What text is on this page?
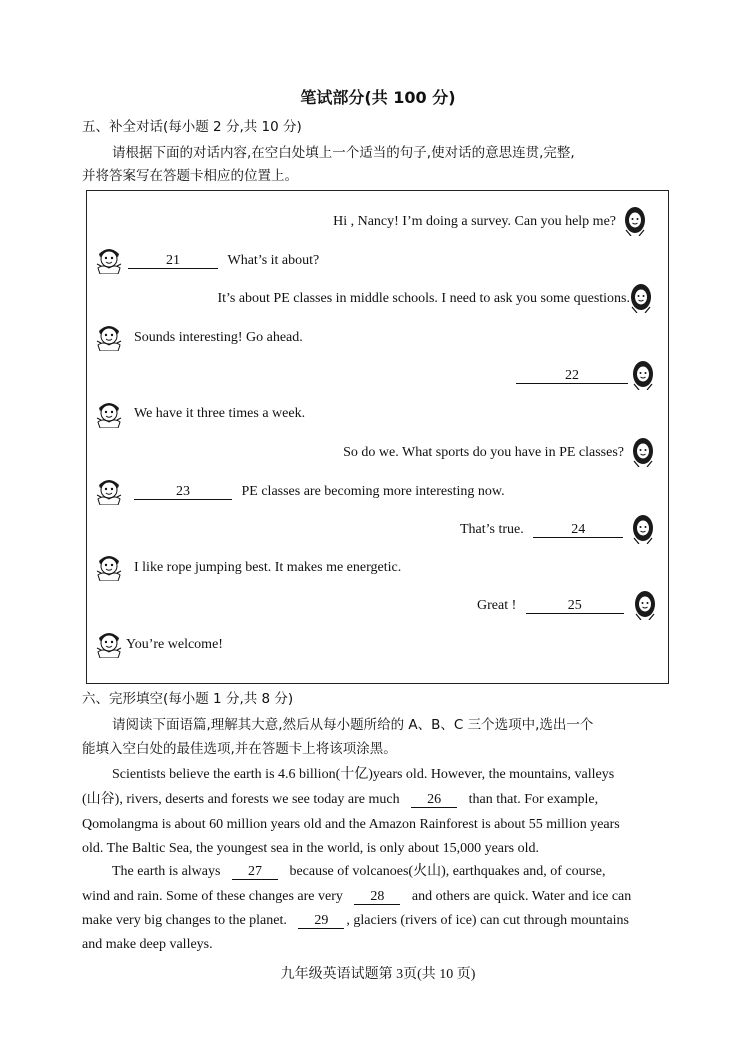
笔试部分(共 100 分)
五、补全对话(每小题 2 分,共 10 分)
请根据下面的对话内容,在空白处填上一个适当的句子,使对话的意思连贯,完整,
并将答案写在答题卡相应的位置上。
Hi , Nancy! I’m doing a survey. Can you help me?
21	What’s it about?
It’s about PE classes in middle schools. I need to ask you some questions.
Sounds interesting! Go ahead.
22
We have it three times a week.
So do we. What sports do you have in PE classes?
23	PE classes are becoming more interesting now.
That’s true.	24
I like rope jumping best. It makes me energetic.
Great !	25
You’re welcome!
六、完形填空(每小题 1 分,共 8 分)
请阅读下面语篇,理解其大意,然后从每小题所给的 A、B、C 三个选项中,选出一个
能填入空白处的最佳选项,并在答题卡上将该项涂黑。
Scientists believe the earth is 4.6 billion(十亿)years old. However, the mountains, valleys
(山谷), rivers, deserts and forests we see today are much 26 than that. For example,
Qomolangma is about 60 million years old and the Amazon Rainforest is about 55 million years
old. The Baltic Sea, the youngest sea in the world, is only about 15,000 years old.
The earth is always 27 because of volcanoes(火山), earthquakes and, of course,
wind and rain. Some of these changes are very 28 and others are quick. Water and ice can
make very big changes to the planet. 29 , glaciers (rivers of ice) can cut through mountains
and make deep valleys.
九年级英语试题第 3页(共 10 页)
